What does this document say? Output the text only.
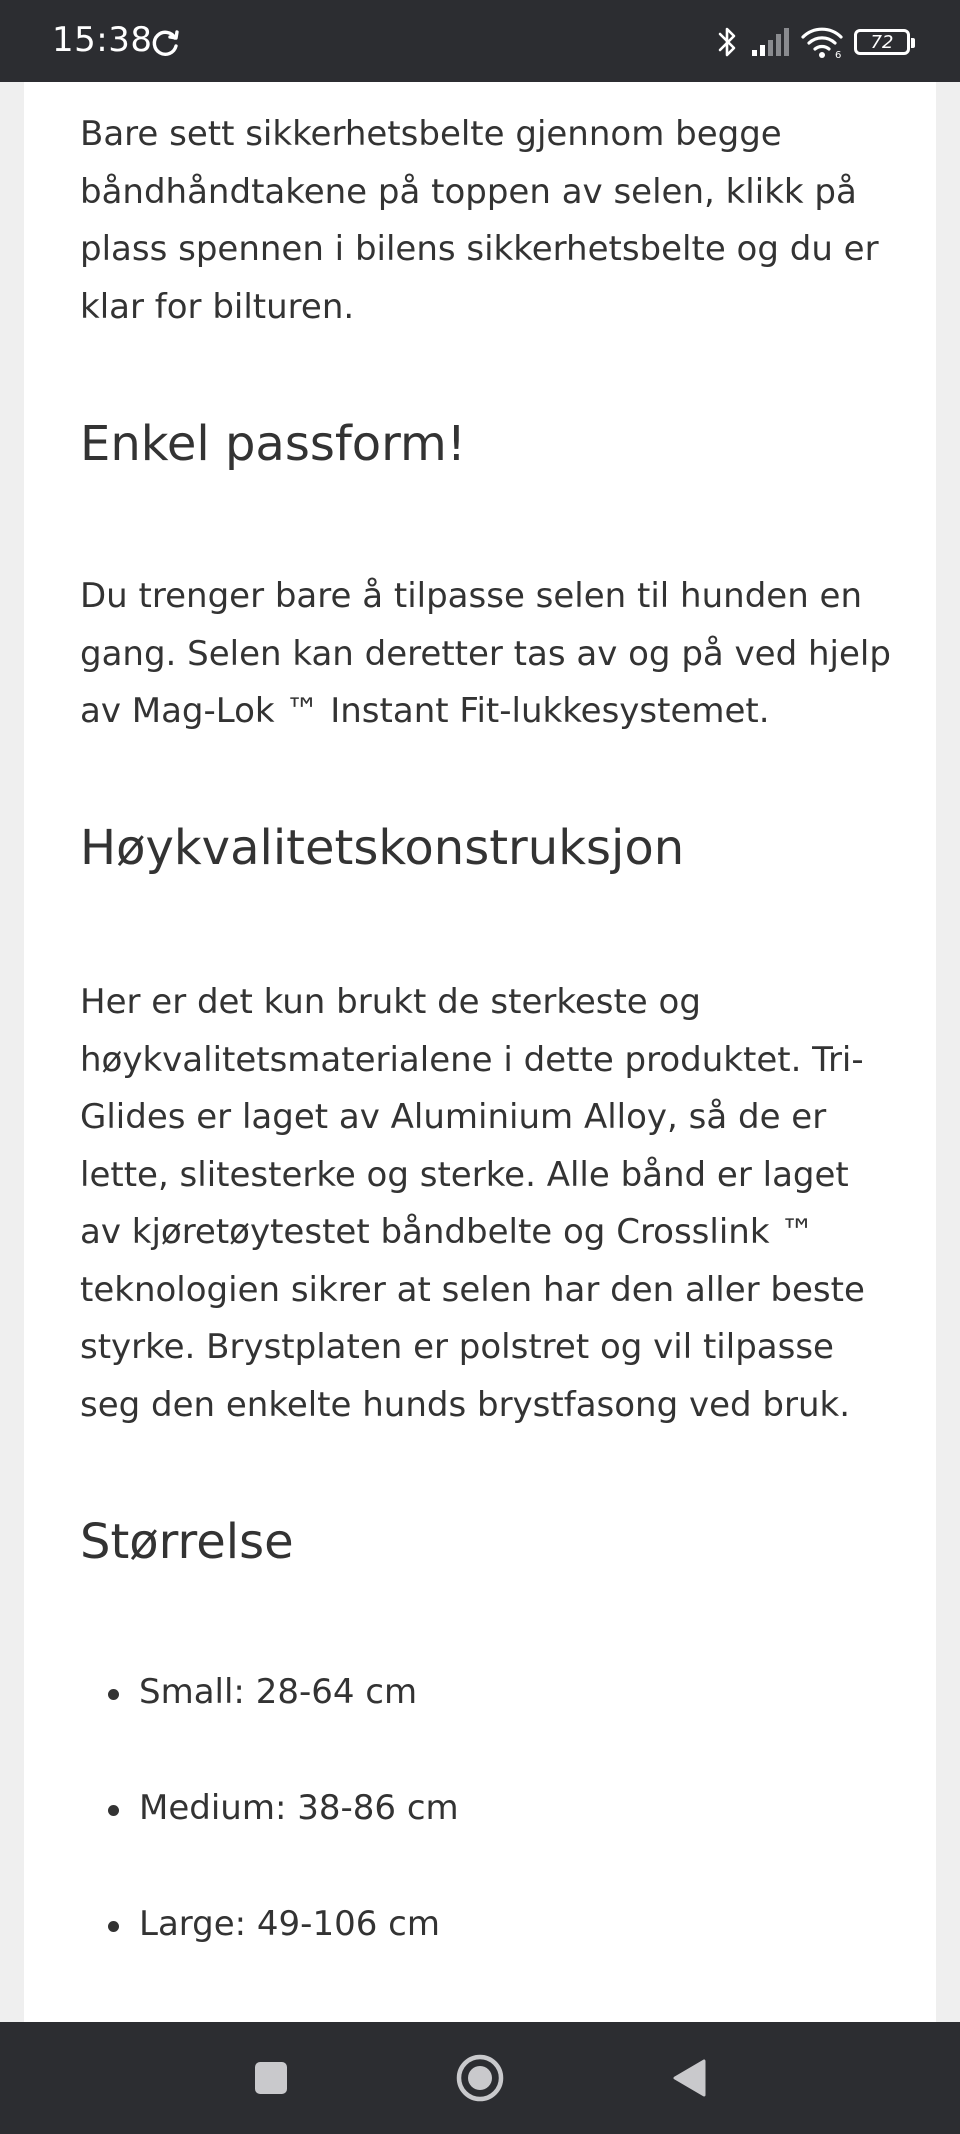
15:38	6
72

Bare sett sikkerhetsbelte gjennom begge båndhåndtakene på toppen av selen, klikk på plass spennen i bilens sikkerhetsbelte og du er klar for bilturen.

Enkel passform!

Du trenger bare å tilpasse selen til hunden en gang. Selen kan deretter tas av og på ved hjelp av Mag-Lok ™ Instant Fit-lukkesystemet.

Høykvalitetskonstruksjon

Her er det kun brukt de sterkeste og høykvalitetsmaterialene i dette produktet. Tri-Glides er laget av Aluminium Alloy, så de er lette, slitesterke og sterke. Alle bånd er laget av kjøretøytestet båndbelte og Crosslink ™ teknologien sikrer at selen har den aller beste styrke. Brystplaten er polstret og vil tilpasse seg den enkelte hunds brystfasong ved bruk.

Størrelse
Small: 28-64 cm
Medium: 38-86 cm
Large: 49-106 cm
